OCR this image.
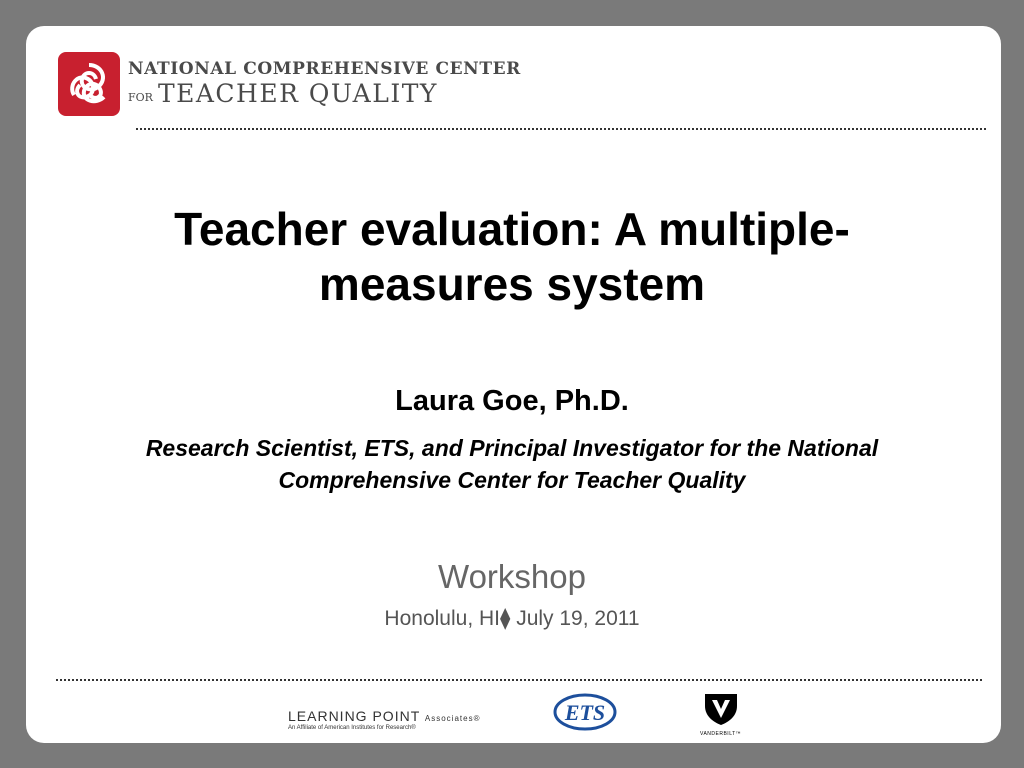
NATIONAL COMPREHENSIVE CENTER
FOR TEACHER QUALITY
Teacher evaluation: A multiple-measures system
Laura Goe, Ph.D.
Research Scientist, ETS, and Principal Investigator for the National Comprehensive Center for Teacher Quality
Workshop
Honolulu, HI⧫ July 19, 2011
LEARNING POINT Associates®
An Affiliate of American Institutes for Research®
ETS
VANDERBILT™
